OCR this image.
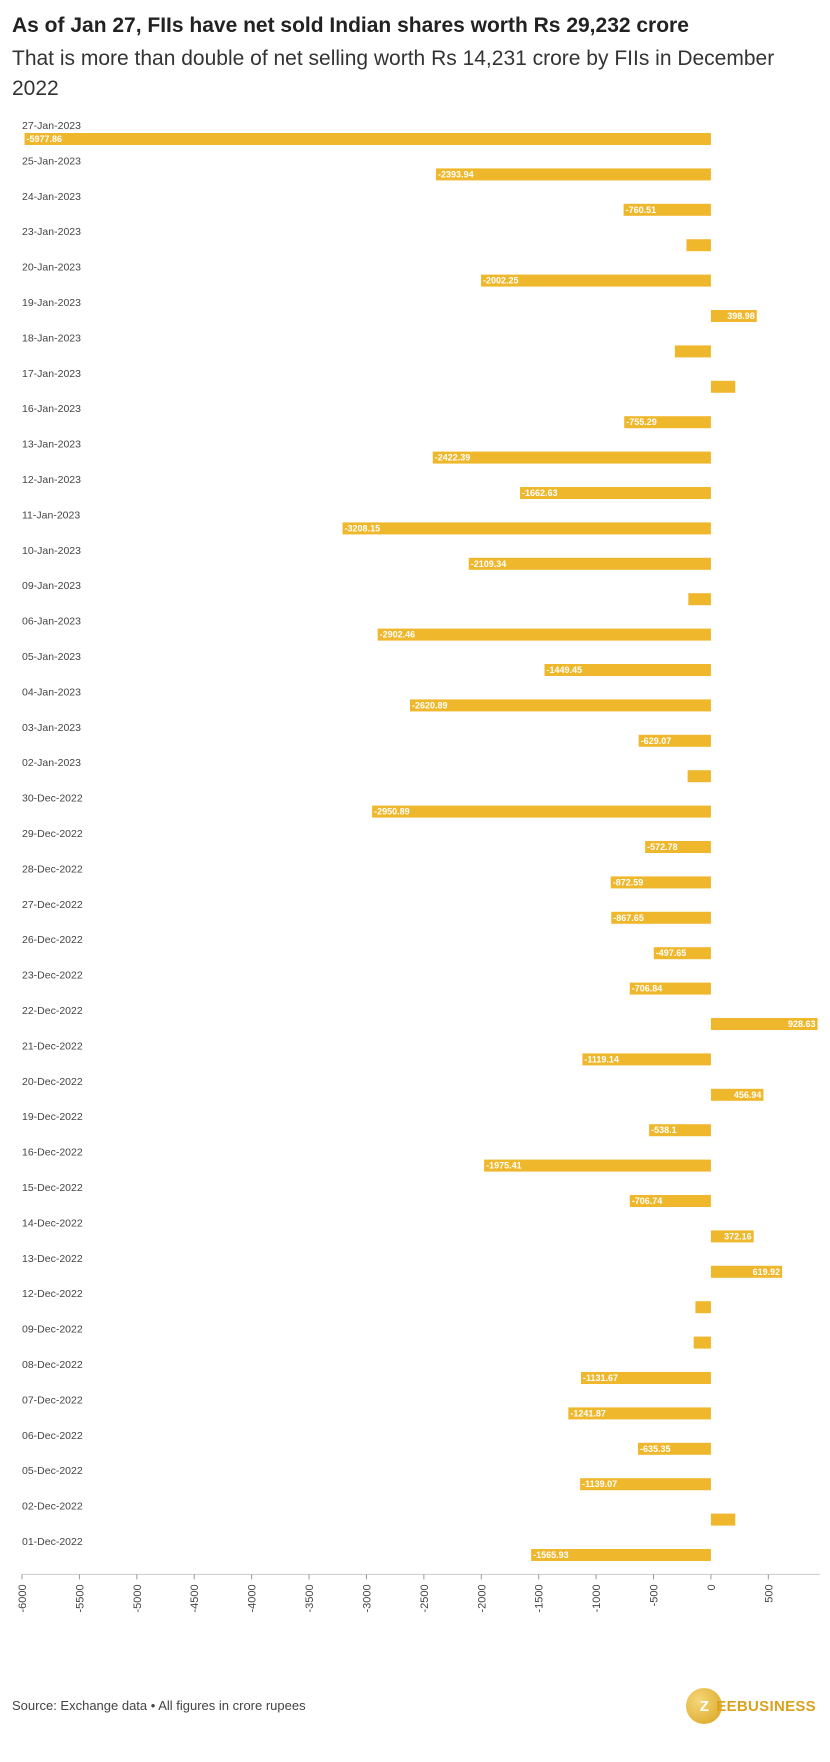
As of Jan 27, FIIs have net sold Indian shares worth Rs 29,232 crore
That is more than double of net selling worth Rs 14,231 crore by FIIs in December 2022
27-Jan-2023
-5977.86
25-Jan-2023
-2393.94
24-Jan-2023
-760.51
23-Jan-2023
20-Jan-2023
-2002.25
19-Jan-2023
398.98
18-Jan-2023
17-Jan-2023
16-Jan-2023
-755.29
13-Jan-2023
-2422.39
12-Jan-2023
-1662.63
11-Jan-2023
-3208.15
10-Jan-2023
-2109.34
09-Jan-2023
06-Jan-2023
-2902.46
05-Jan-2023
-1449.45
04-Jan-2023
-2620.89
03-Jan-2023
-629.07
02-Jan-2023
30-Dec-2022
-2950.89
29-Dec-2022
-572.78
28-Dec-2022
-872.59
27-Dec-2022
-867.65
26-Dec-2022
-497.65
23-Dec-2022
-706.84
22-Dec-2022
928.63
21-Dec-2022
-1119.14
20-Dec-2022
456.94
19-Dec-2022
-538.1
16-Dec-2022
-1975.41
15-Dec-2022
-706.74
14-Dec-2022
372.16
13-Dec-2022
619.92
12-Dec-2022
09-Dec-2022
08-Dec-2022
-1131.67
07-Dec-2022
-1241.87
06-Dec-2022
-635.35
05-Dec-2022
-1139.07
02-Dec-2022
01-Dec-2022
-1565.93
-6000	-5500	-5000	-4500	-4000	-3500	-3000	-2500	-2000	-1500	-1000	-500	0	500
Source: Exchange data • All figures in crore rupees	Z EEBUSINESS
